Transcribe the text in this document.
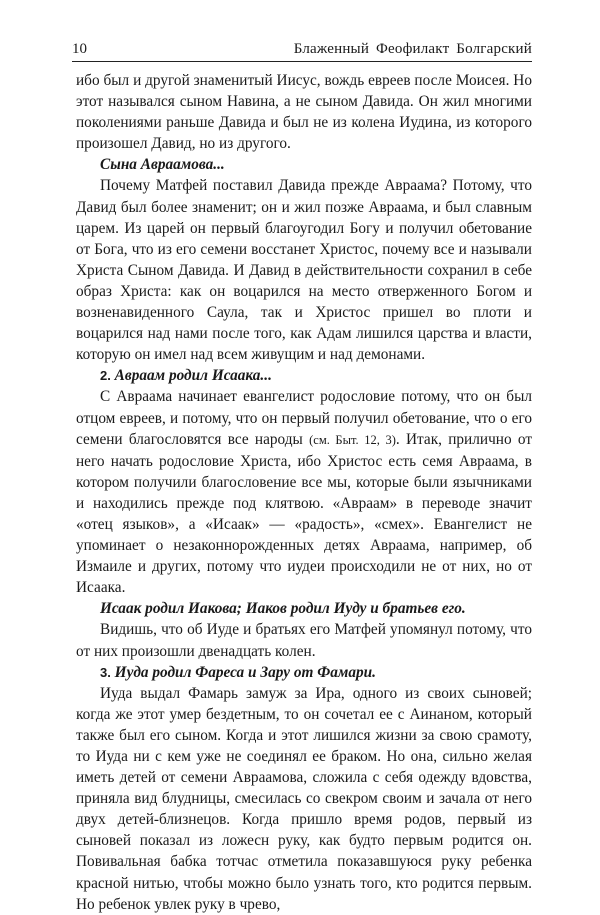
10	Блаженный Феофилакт Болгарский

ибо был и другой знаменитый Иисус, вождь евреев после Моисея. Но этот назывался сыном Навина, а не сыном Давида. Он жил многими поколениями раньше Давида и был не из колена Иудина, из которого произошел Давид, но из другого.

Сына Авраамова...

Почему Матфей поставил Давида прежде Авраама? Потому, что Давид был более знаменит; он и жил позже Авраама, и был славным царем. Из царей он первый благоугодил Богу и получил обетование от Бога, что из его семени восстанет Христос, почему все и называли Христа Сыном Давида. И Давид в действительности сохранил в себе образ Христа: как он воцарился на место отверженного Богом и возненавиденного Саула, так и Христос пришел во плоти и воцарился над нами после того, как Адам лишился царства и власти, которую он имел над всем живущим и над демонами.

2. Авраам родил Исаака...

С Авраама начинает евангелист родословие потому, что он был отцом евреев, и потому, что он первый получил обетование, что о его семени благословятся все народы (см. Быт. 12, 3). Итак, прилично от него начать родословие Христа, ибо Христос есть семя Авраама, в котором получили благословение все мы, которые были язычниками и находились прежде под клятвою. «Авраам» в переводе значит «отец языков», а «Исаак» — «радость», «смех». Евангелист не упоминает о незаконнорожденных детях Авраама, например, об Измаиле и других, потому что иудеи происходили не от них, но от Исаака.

Исаак родил Иакова; Иаков родил Иуду и братьев его.

Видишь, что об Иуде и братьях его Матфей упомянул потому, что от них произошли двенадцать колен.

3. Иуда родил Фареса и Зару от Фамари.

Иуда выдал Фамарь замуж за Ира, одного из своих сыновей; когда же этот умер бездетным, то он сочетал ее с Аинаном, который также был его сыном. Когда и этот лишился жизни за свою срамоту, то Иуда ни с кем уже не соединял ее браком. Но она, сильно желая иметь детей от семени Авраамова, сложила с себя одежду вдовства, приняла вид блудницы, смесилась со свекром своим и зачала от него двух детей-близнецов. Когда пришло время родов, первый из сыновей показал из ложесн руку, как будто первым родится он. Повивальная бабка тотчас отметила показавшуюся руку ребенка красной нитью, чтобы можно было узнать того, кто родится первым. Но ребенок увлек руку в чрево,
